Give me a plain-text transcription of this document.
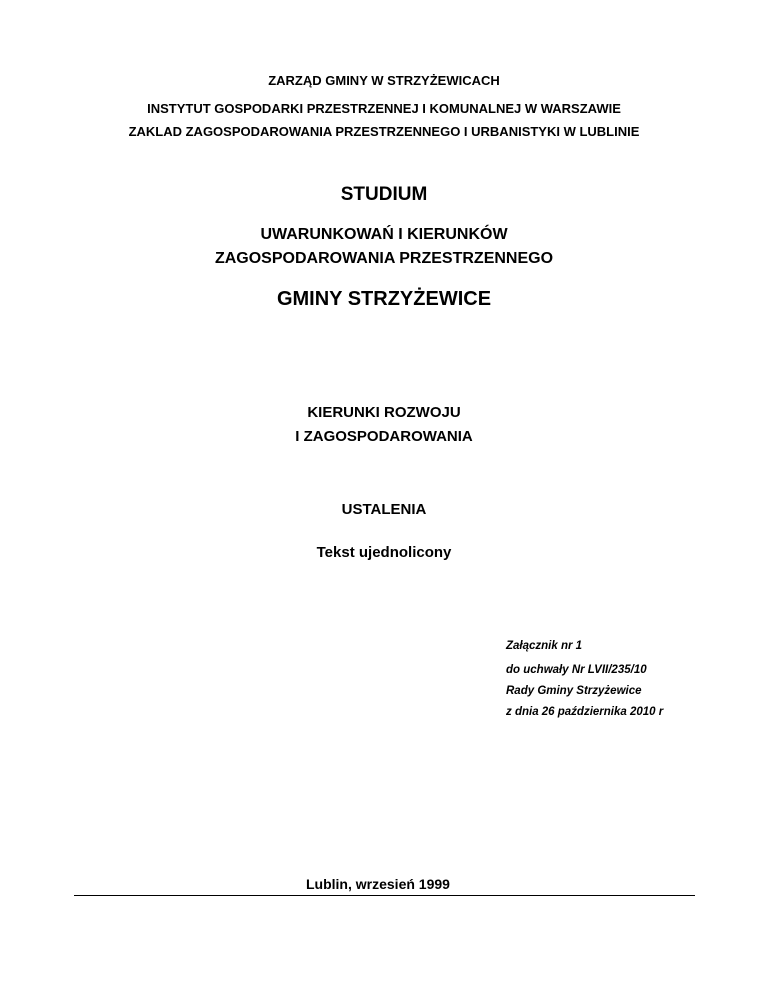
ZARZĄD GMINY W STRZYŻEWICACH
INSTYTUT GOSPODARKI PRZESTRZENNEJ I KOMUNALNEJ W WARSZAWIE
ZAKLAD ZAGOSPODAROWANIA PRZESTRZENNEGO I URBANISTYKI W LUBLINIE
STUDIUM
UWARUNKOWAŃ I KIERUNKÓW
ZAGOSPODAROWANIA PRZESTRZENNEGO
GMINY STRZYŻEWICE
KIERUNKI ROZWOJU
I ZAGOSPODAROWANIA
USTALENIA
Tekst ujednolicony
Załącznik nr 1
do uchwały Nr LVII/235/10
Rady Gminy Strzyżewice
z dnia 26 października 2010 r
Lublin, wrzesień 1999
